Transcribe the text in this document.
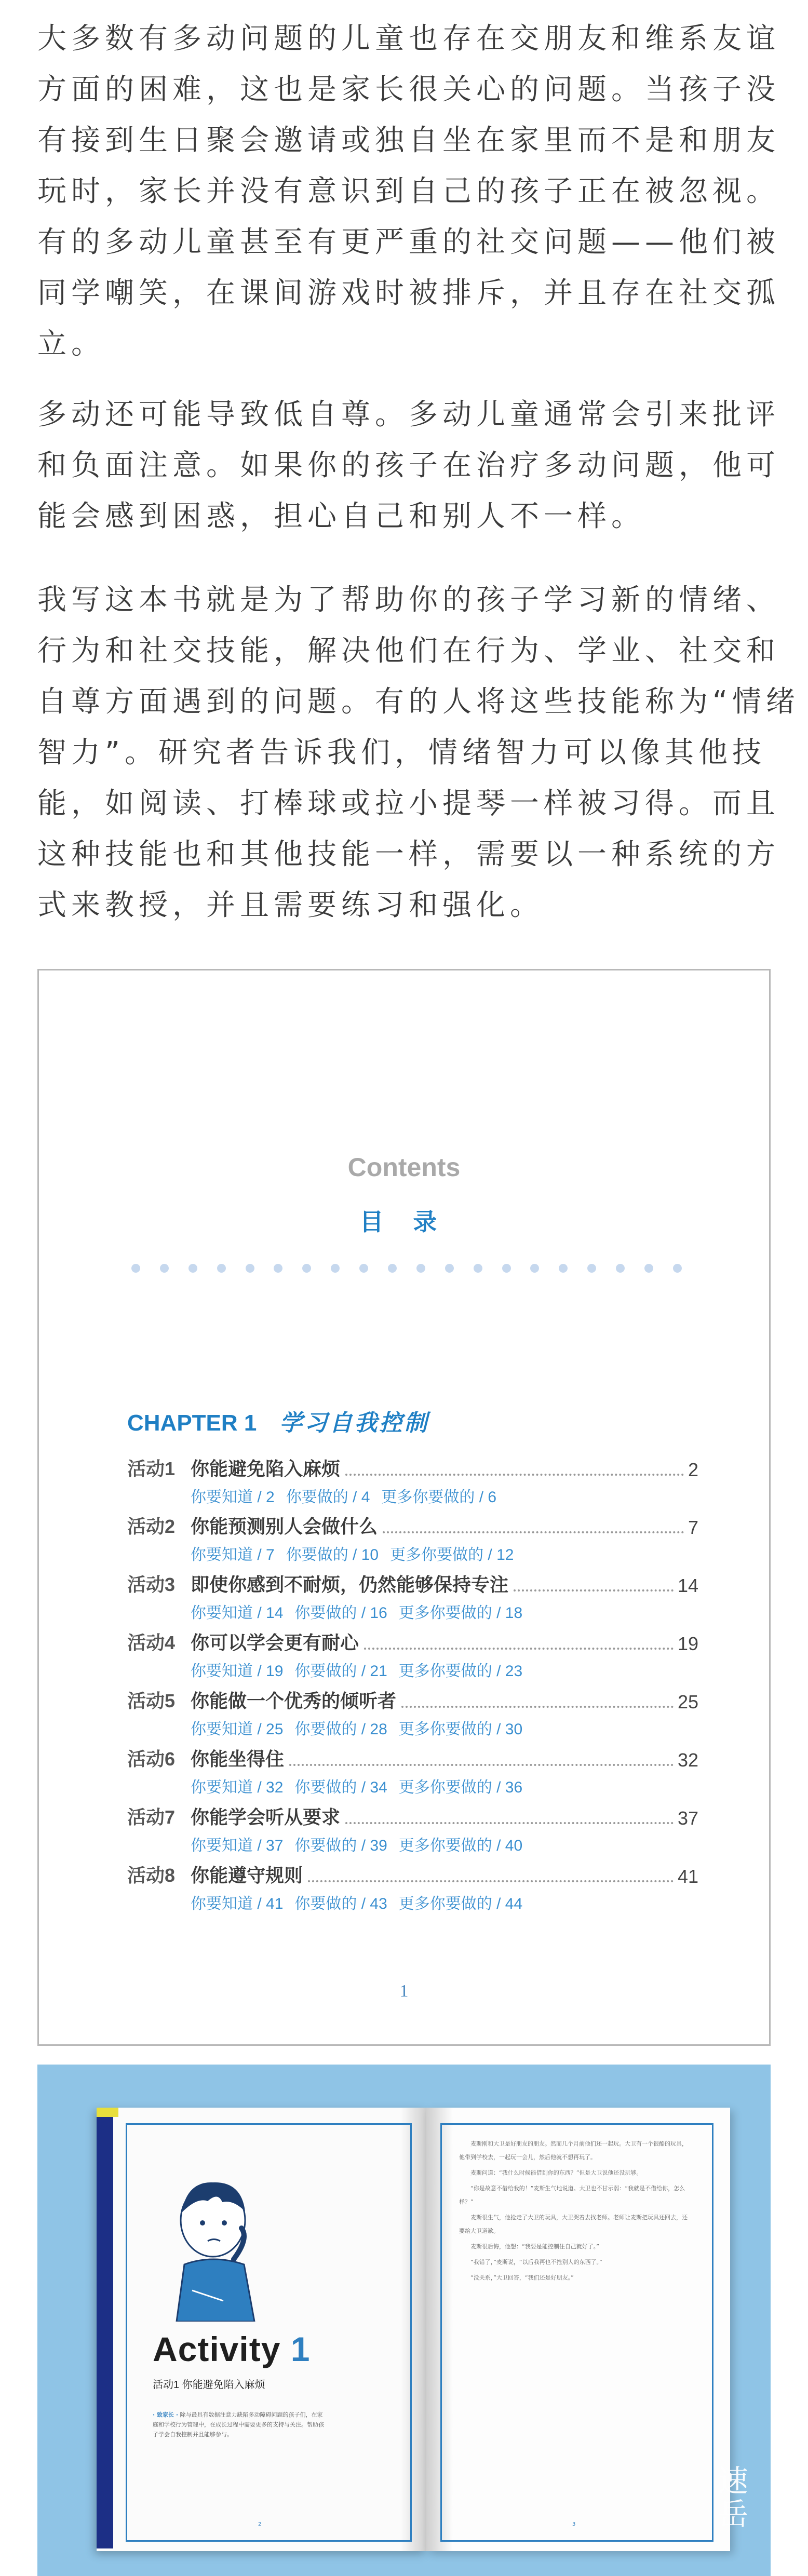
大多数有多动问题的儿童也存在交朋友和维系友谊
方面的困难，这也是家长很关心的问题。当孩子没
有接到生日聚会邀请或独自坐在家里而不是和朋友
玩时，家长并没有意识到自己的孩子正在被忽视。
有的多动儿童甚至有更严重的社交问题——他们被
同学嘲笑，在课间游戏时被排斥，并且存在社交孤
立。
多动还可能导致低自尊。多动儿童通常会引来批评
和负面注意。如果你的孩子在治疗多动问题，他可
能会感到困惑，担心自己和别人不一样。
我写这本书就是为了帮助你的孩子学习新的情绪、
行为和社交技能，解决他们在行为、学业、社交和
自尊方面遇到的问题。有的人将这些技能称为“情绪
智力”。研究者告诉我们，情绪智力可以像其他技
能，如阅读、打棒球或拉小提琴一样被习得。而且
这种技能也和其他技能一样，需要以一种系统的方
式来教授，并且需要练习和强化。
Contents
目 录
CHAPTER 1 学习自我控制
活动1 你能避免陷入麻烦	2
你要知道 / 2 你要做的 / 4 更多你要做的 / 6
活动2 你能预测别人会做什么	7
你要知道 / 7 你要做的 / 10 更多你要做的 / 12
活动3 即使你感到不耐烦，仍然能够保持专注	14
你要知道 / 14 你要做的 / 16 更多你要做的 / 18
活动4 你可以学会更有耐心	19
你要知道 / 19 你要做的 / 21 更多你要做的 / 23
活动5 你能做一个优秀的倾听者	25
你要知道 / 25 你要做的 / 28 更多你要做的 / 30
活动6 你能坐得住	32
你要知道 / 32 你要做的 / 34 更多你要做的 / 36
活动7 你能学会听从要求	37
你要知道 / 37 你要做的 / 39 更多你要做的 / 40
活动8 你能遵守规则	41
你要知道 / 41 你要做的 / 43 更多你要做的 / 44
1
Activity 1
活动1 你能避免陷入麻烦
· 致家长 · 除与最具有数据注意力缺陷多动障碍问题的孩子们，在家庭和学校行为管理中，在成长过程中需要更多的支持与关注。帮助孩子学会自我控制并且能够参与。

麦斯刚和大卫是好朋友的朋友。然而几个月前他们还一起玩。大卫有一个很酷的玩具，他带到学校去，一起玩一会儿，然后他就不想再玩了。

麦斯问道：“我什么时候能借到你的东西？”但是大卫说他还没玩够。

“你是故意不借给我的！”麦斯生气地说道。大卫也不甘示弱：“我就是不借给你，怎么样？”

麦斯很生气，他抢走了大卫的玩具，大卫哭着去找老师。老师让麦斯把玩具还回去，还要给大卫道歉。

麦斯很后悔，他想：“我要是能控制住自己就好了。”

“我错了，”麦斯说，“以后我再也不抢别人的东西了。”

“没关系，”大卫回答，“我们还是好朋友。”

2	3
速岳
